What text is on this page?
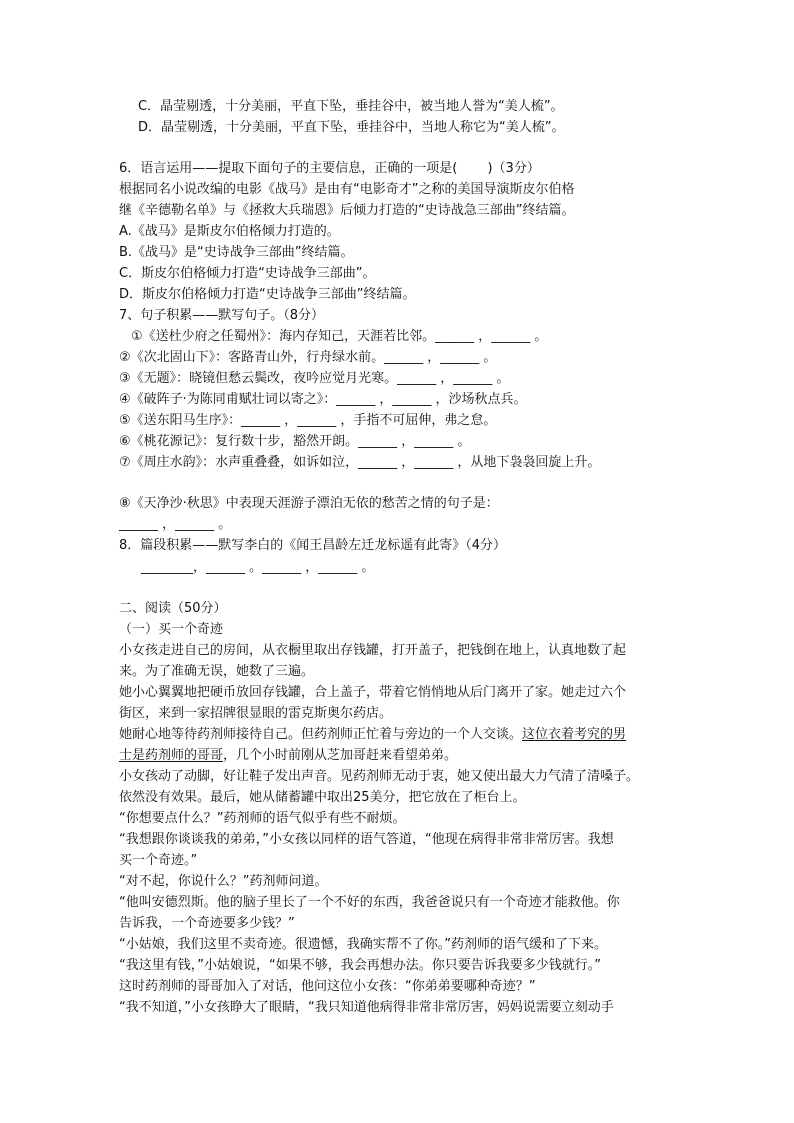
C．晶莹剔透，十分美丽，平直下坠，垂挂谷中，被当地人誉为“美人梳”。
D．晶莹剔透，十分美丽，平直下坠，垂挂谷中，当地人称它为“美人梳”。
6．语言运用——提取下面句子的主要信息，正确的一项是(　　 )（3分）
根据同名小说改编的电影《战马》是由有“电影奇才”之称的美国导演斯皮尔伯格
继《辛德勒名单》与《拯救大兵瑞恩》后倾力打造的“史诗战急三部曲”终结篇。
A.《战马》是斯皮尔伯格倾力打造的。
B.《战马》是“史诗战争三部曲”终结篇。
C．斯皮尔伯格倾力打造“史诗战争三部曲”。
D．斯皮尔伯格倾力打造“史诗战争三部曲”终结篇。
7、句子积累——默写句子。（8分）
①《送杜少府之任蜀州》：海内存知己，天涯若比邻。______ ，______ 。
②《次北固山下》：客路青山外，行舟绿水前。______ ，______ 。
③《无题》：晓镜但愁云鬓改，夜吟应觉月光寒。______ ，______ 。
④《破阵子·为陈同甫赋壮词以寄之》：______ ，______ ，沙场秋点兵。
⑤《送东阳马生序》：______ ，______ ，手指不可屈伸，弗之怠。
⑥《桃花源记》：复行数十步，豁然开朗。______ ，______ 。
⑦《周庄水韵》：水声重叠叠，如诉如泣，______ ，______ ，从地下袅袅回旋上升。
⑧《天净沙·秋思》中表现天涯游子漂泊无依的愁苦之情的句子是：
______ ，______ 。
8．篇段积累——默写李白的《闻王昌龄左迁龙标遥有此寄》（4分）
________，______ 。______ ，______ 。
二、阅读（50分）
（一）买一个奇迹
小女孩走进自己的房间，从衣橱里取出存钱罐，打开盖子，把钱倒在地上，认真地数了起
来。为了准确无误，她数了三遍。
她小心翼翼地把硬币放回存钱罐，合上盖子，带着它悄悄地从后门离开了家。她走过六个
街区，来到一家招牌很显眼的雷克斯奥尔药店。
她耐心地等待药剂师接待自己。但药剂师正忙着与旁边的一个人交谈。这位衣着考究的男
士是药剂师的哥哥，几个小时前刚从芝加哥赶来看望弟弟。
小女孩动了动脚，好让鞋子发出声音。见药剂师无动于衷，她又使出最大力气清了清嗓子。
依然没有效果。最后，她从储蓄罐中取出25美分，把它放在了柜台上。
“你想要点什么？”药剂师的语气似乎有些不耐烦。
“我想跟你谈谈我的弟弟，”小女孩以同样的语气答道，“他现在病得非常非常厉害。我想
买一个奇迹。”
“对不起，你说什么？”药剂师问道。
“他叫安德烈斯。他的脑子里长了一个不好的东西，我爸爸说只有一个奇迹才能救他。你
告诉我，一个奇迹要多少钱？”
“小姑娘，我们这里不卖奇迹。很遗憾，我确实帮不了你。”药剂师的语气缓和了下来。
“我这里有钱，”小姑娘说，“如果不够，我会再想办法。你只要告诉我要多少钱就行。”
这时药剂师的哥哥加入了对话，他问这位小女孩：“你弟弟要哪种奇迹？”
“我不知道，”小女孩睁大了眼睛，“我只知道他病得非常非常厉害，妈妈说需要立刻动手
